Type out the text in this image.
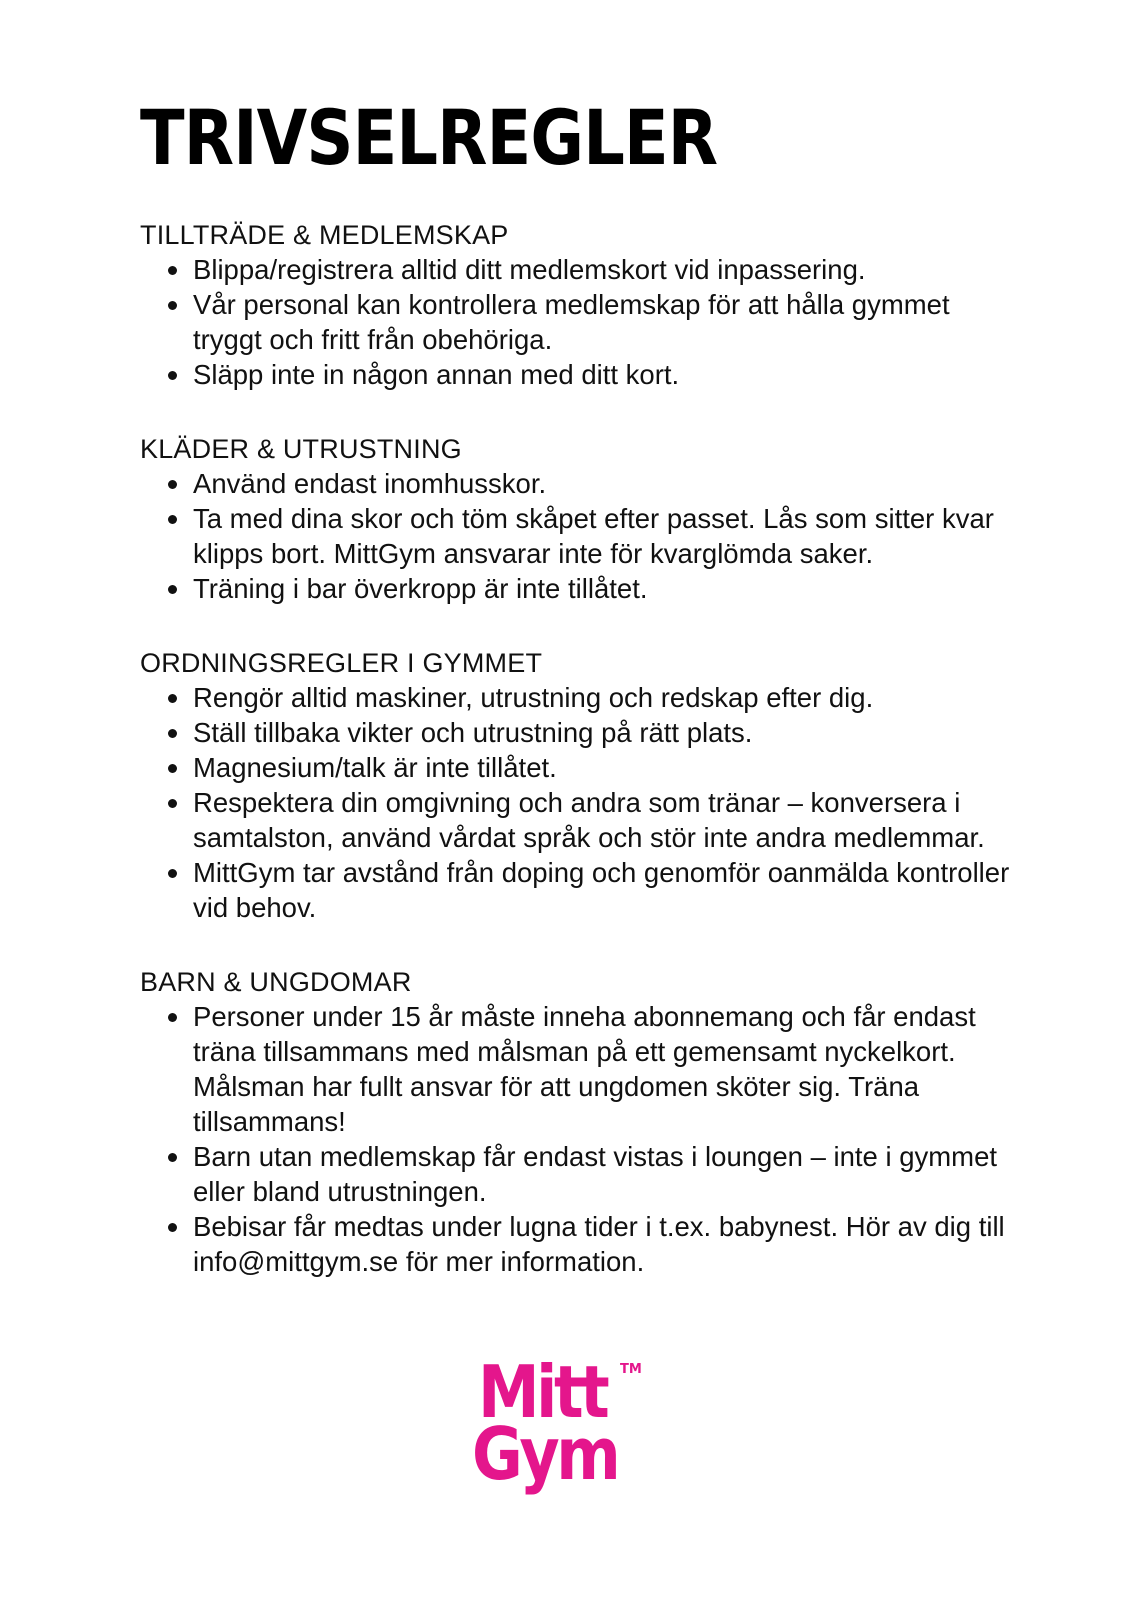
TRIVSELREGLER
TILLTRÄDE & MEDLEMSKAP
Blippa/registrera alltid ditt medlemskort vid inpassering.
Vår personal kan kontrollera medlemskap för att hålla gymmet tryggt och fritt från obehöriga.
Släpp inte in någon annan med ditt kort.
KLÄDER & UTRUSTNING
Använd endast inomhusskor.
Ta med dina skor och töm skåpet efter passet. Lås som sitter kvar klipps bort. MittGym ansvarar inte för kvarglömda saker.
Träning i bar överkropp är inte tillåtet.
ORDNINGSREGLER I GYMMET
Rengör alltid maskiner, utrustning och redskap efter dig.
Ställ tillbaka vikter och utrustning på rätt plats.
Magnesium/talk är inte tillåtet.
Respektera din omgivning och andra som tränar – konversera i samtalston, använd vårdat språk och stör inte andra medlemmar.
MittGym tar avstånd från doping och genomför oanmälda kontroller vid behov.
BARN & UNGDOMAR
Personer under 15 år måste inneha abonnemang och får endast träna tillsammans med målsman på ett gemensamt nyckelkort. Målsman har fullt ansvar för att ungdomen sköter sig. Träna tillsammans!
Barn utan medlemskap får endast vistas i loungen – inte i gymmet eller bland utrustningen.
Bebisar får medtas under lugna tider i t.ex. babynest. Hör av dig till info@mittgym.se för mer information.
Mitt TM
Gym
